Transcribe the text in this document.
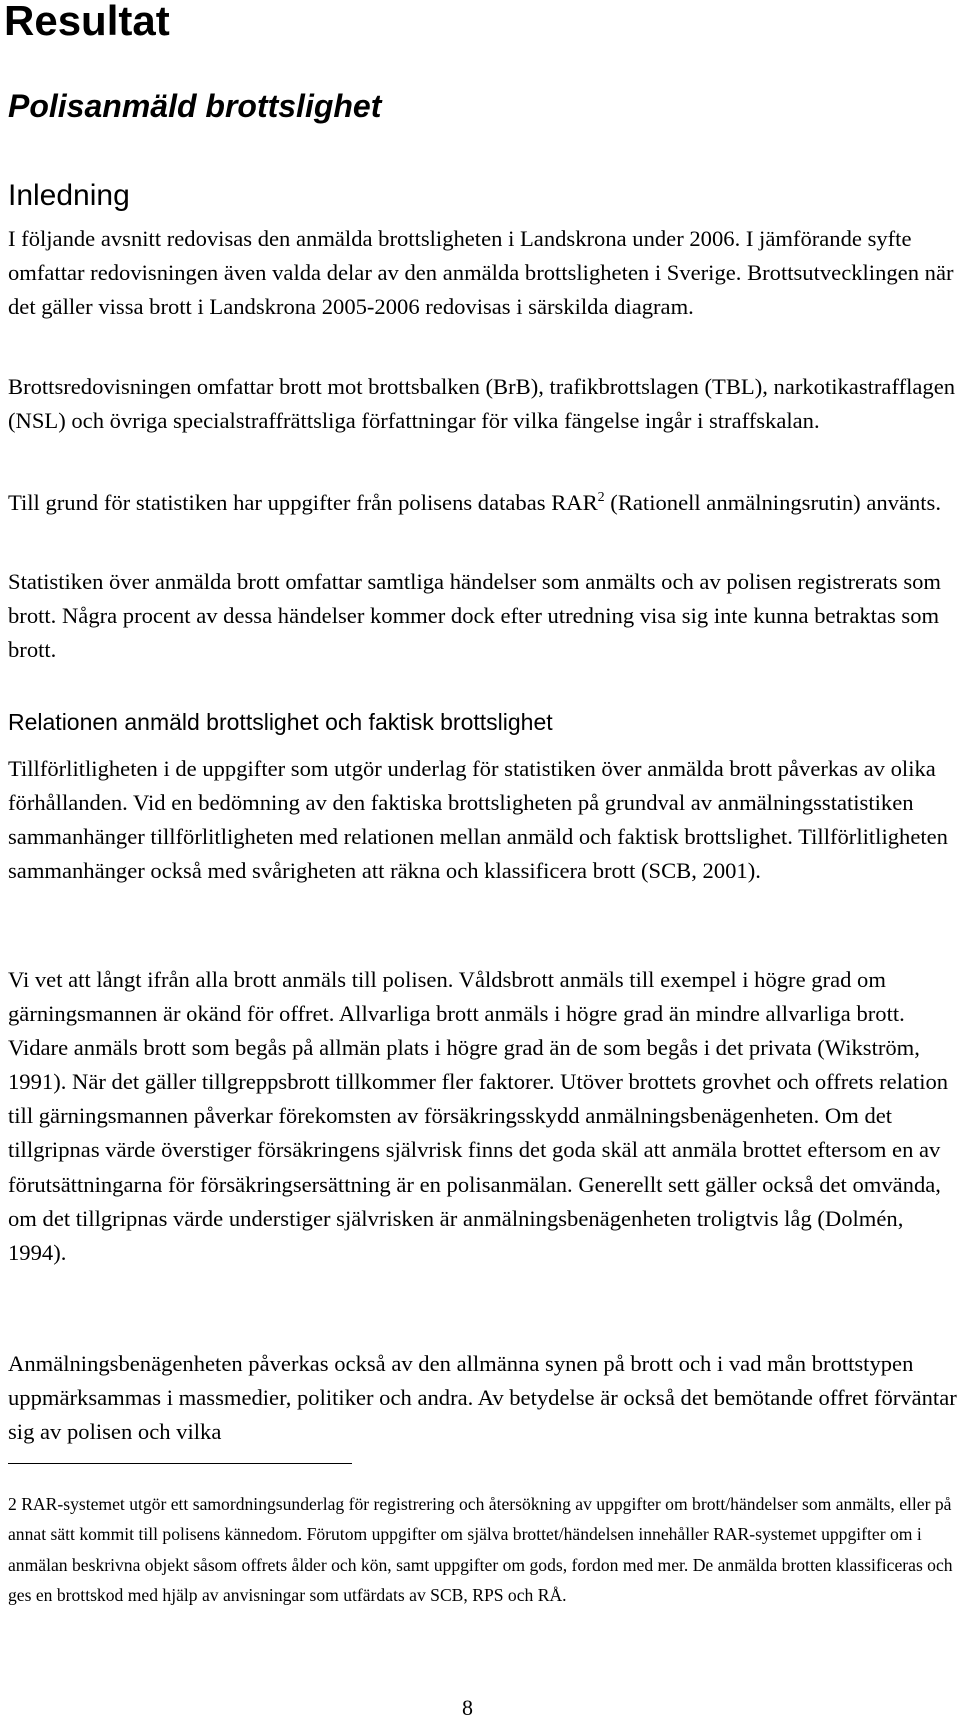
Resultat
Polisanmäld brottslighet
Inledning

I följande avsnitt redovisas den anmälda brottsligheten i Landskrona under 2006. I jämförande syfte omfattar redovisningen även valda delar av den anmälda brottsligheten i Sverige. Brottsutvecklingen när det gäller vissa brott i Landskrona 2005-2006 redovisas i särskilda diagram.

Brottsredovisningen omfattar brott mot brottsbalken (BrB), trafikbrottslagen (TBL), narkotikastrafflagen (NSL) och övriga specialstraffrättsliga författningar för vilka fängelse ingår i straffskalan.

Till grund för statistiken har uppgifter från polisens databas RAR$^2$ (Rationell anmälningsrutin) använts.

Statistiken över anmälda brott omfattar samtliga händelser som anmälts och av polisen registrerats som brott. Några procent av dessa händelser kommer dock efter utredning visa sig inte kunna betraktas som brott.

Relationen anmäld brottslighet och faktisk brottslighet

Tillförlitligheten i de uppgifter som utgör underlag för statistiken över anmälda brott påverkas av olika förhållanden. Vid en bedömning av den faktiska brottsligheten på grundval av anmälningsstatistiken sammanhänger tillförlitligheten med relationen mellan anmäld och faktisk brottslighet. Tillförlitligheten sammanhänger också med svårigheten att räkna och klassificera brott (SCB, 2001).

Vi vet att långt ifrån alla brott anmäls till polisen. Våldsbrott anmäls till exempel i högre grad om gärningsmannen är okänd för offret. Allvarliga brott anmäls i högre grad än mindre allvarliga brott. Vidare anmäls brott som begås på allmän plats i högre grad än de som begås i det privata (Wikström, 1991). När det gäller tillgreppsbrott tillkommer fler faktorer. Utöver brottets grovhet och offrets relation till gärningsmannen påverkar förekomsten av försäkringsskydd anmälningsbenägenheten. Om det tillgripnas värde överstiger försäkringens självrisk finns det goda skäl att anmäla brottet eftersom en av förutsättningarna för försäkringsersättning är en polisanmälan. Generellt sett gäller också det omvända, om det tillgripnas värde understiger självrisken är anmälningsbenägenheten troligtvis låg (Dolmén, 1994).

Anmälningsbenägenheten påverkas också av den allmänna synen på brott och i vad mån brottstypen uppmärksammas i massmedier, politiker och andra. Av betydelse är också det bemötande offret förväntar sig av polisen och vilka

2 RAR-systemet utgör ett samordningsunderlag för registrering och återsökning av uppgifter om brott/händelser som anmälts, eller på annat sätt kommit till polisens kännedom. Förutom uppgifter om själva brottet/händelsen innehåller RAR-systemet uppgifter om i anmälan beskrivna objekt såsom offrets ålder och kön, samt uppgifter om gods, fordon med mer. De anmälda brotten klassificeras och ges en brottskod med hjälp av anvisningar som utfärdats av SCB, RPS och RÅ.

8
